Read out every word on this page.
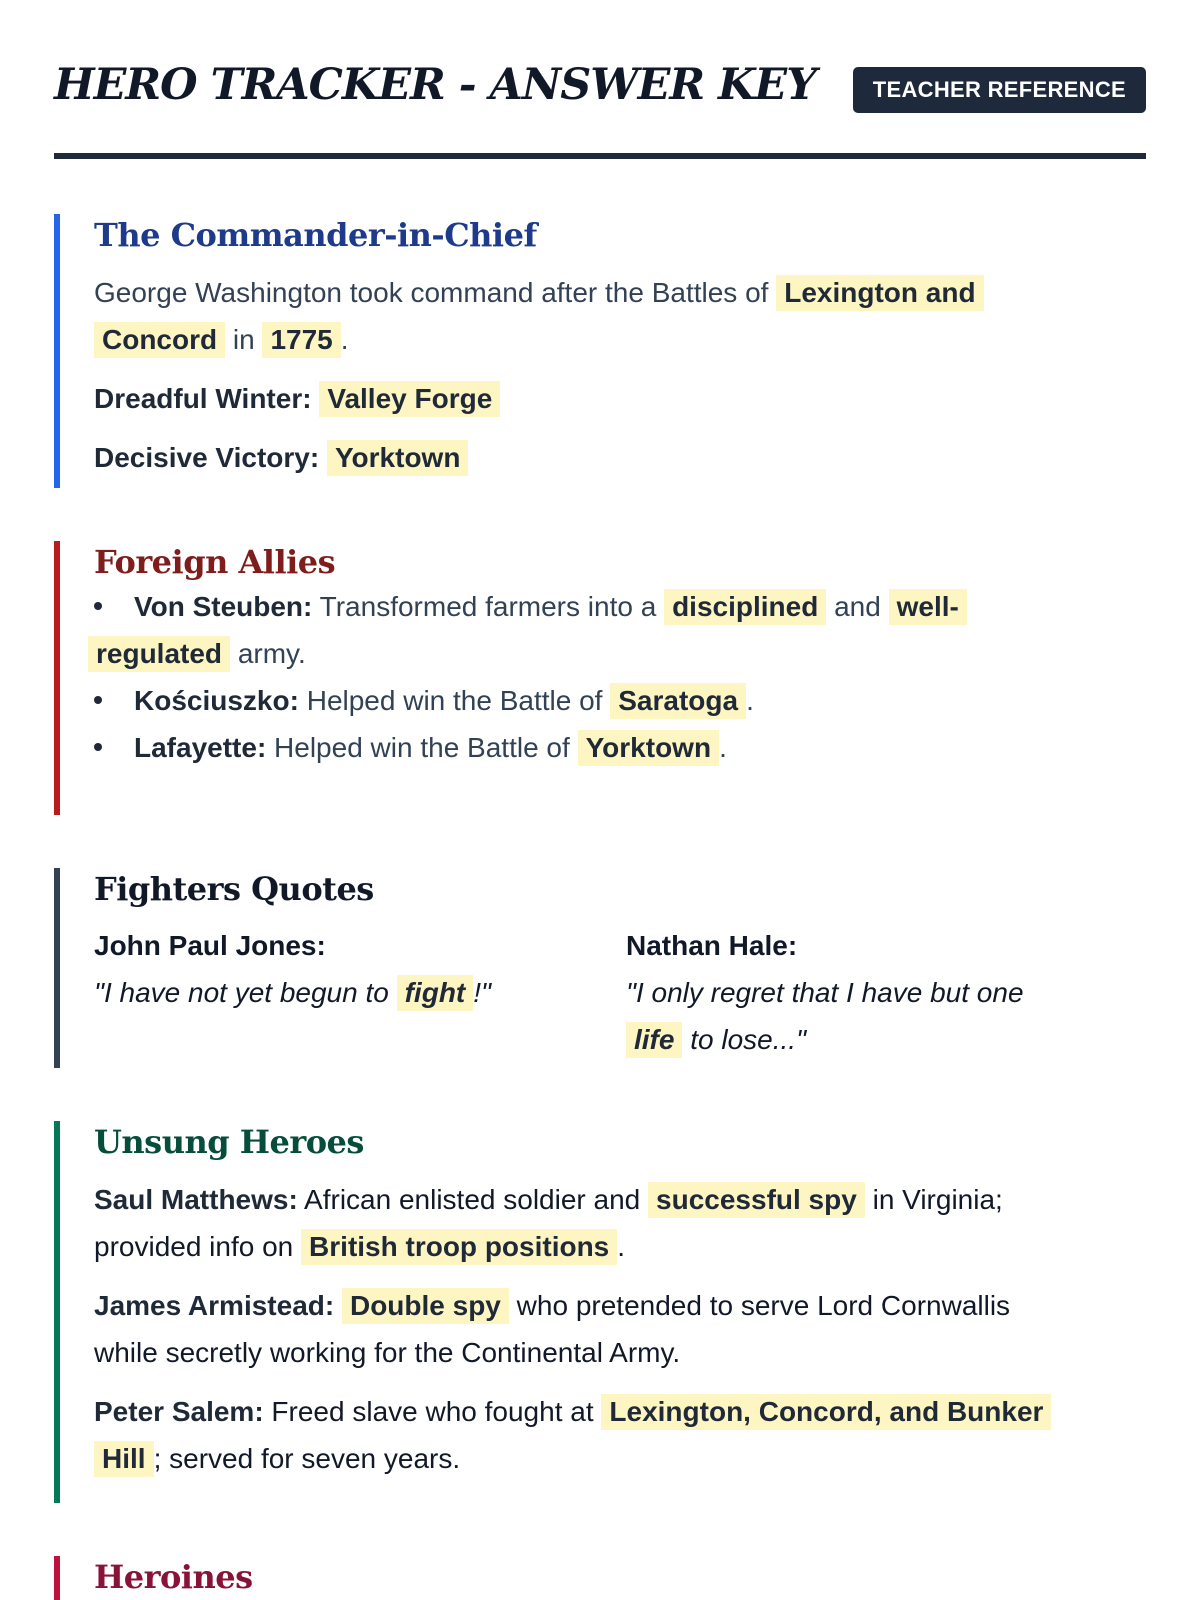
HERO TRACKER - ANSWER KEY	TEACHER REFERENCE
The Commander-in-Chief

George Washington took command after the Battles of Lexington and

Concord in 1775 .

Dreadful Winter: Valley Forge

Decisive Victory: Yorktown

Foreign Allies

Von Steuben: Transformed farmers into a disciplined and well-

regulated army.

Kościuszko: Helped win the Battle of Saratoga .

Lafayette: Helped win the Battle of Yorktown .

Fighters Quotes
John Paul Jones:
"I have not yet begun to fight !"
Nathan Hale:
"I only regret that I have but one
life to lose..."
Unsung Heroes

Saul Matthews: African enlisted soldier and successful spy in Virginia;

provided info on British troop positions .

James Armistead: Double spy who pretended to serve Lord Cornwallis

while secretly working for the Continental Army.

Peter Salem: Freed slave who fought at Lexington, Concord, and Bunker

Hill ; served for seven years.

Heroines
